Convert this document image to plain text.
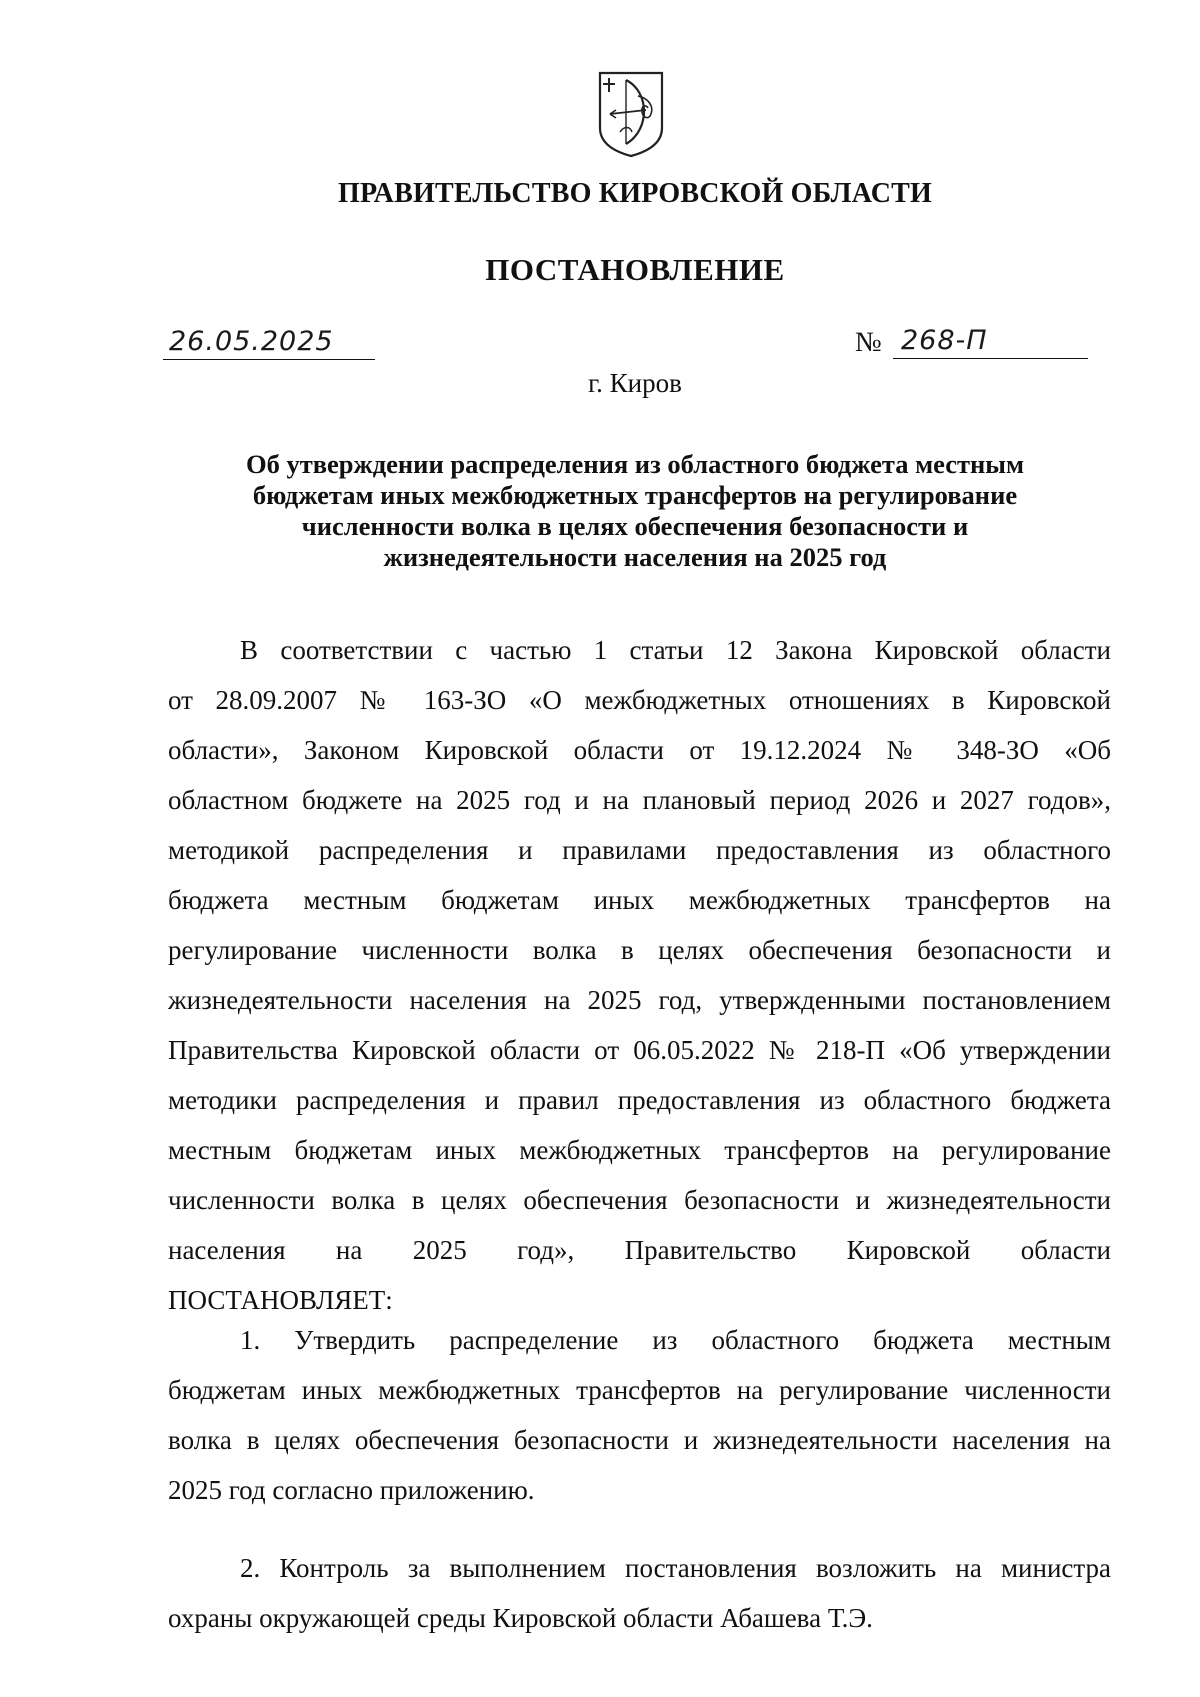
ПРАВИТЕЛЬСТВО КИРОВСКОЙ ОБЛАСТИ
ПОСТАНОВЛЕНИЕ
26.05.2025	№ 268-П
г. Киров
Об утверждении распределения из областного бюджета местным
бюджетам иных межбюджетных трансфертов на регулирование
численности волка в целях обеспечения безопасности и
жизнедеятельности населения на 2025 год
В соответствии с частью 1 статьи 12 Закона Кировской области
от 28.09.2007 № 163-ЗО «О межбюджетных отношениях в Кировской
области», Законом Кировской области от 19.12.2024 № 348-ЗО «Об
областном бюджете на 2025 год и на плановый период 2026 и 2027 годов»,
методикой распределения и правилами предоставления из областного
бюджета местным бюджетам иных межбюджетных трансфертов на
регулирование численности волка в целях обеспечения безопасности и
жизнедеятельности населения на 2025 год, утвержденными постановлением
Правительства Кировской области от 06.05.2022 № 218-П «Об утверждении
методики распределения и правил предоставления из областного бюджета
местным бюджетам иных межбюджетных трансфертов на регулирование
численности волка в целях обеспечения безопасности и жизнедеятельности
населения на 2025 год», Правительство Кировской области
ПОСТАНОВЛЯЕТ:
1. Утвердить распределение из областного бюджета местным
бюджетам иных межбюджетных трансфертов на регулирование численности
волка в целях обеспечения безопасности и жизнедеятельности населения на
2025 год согласно приложению.
2. Контроль за выполнением постановления возложить на министра
охраны окружающей среды Кировской области Абашева Т.Э.
